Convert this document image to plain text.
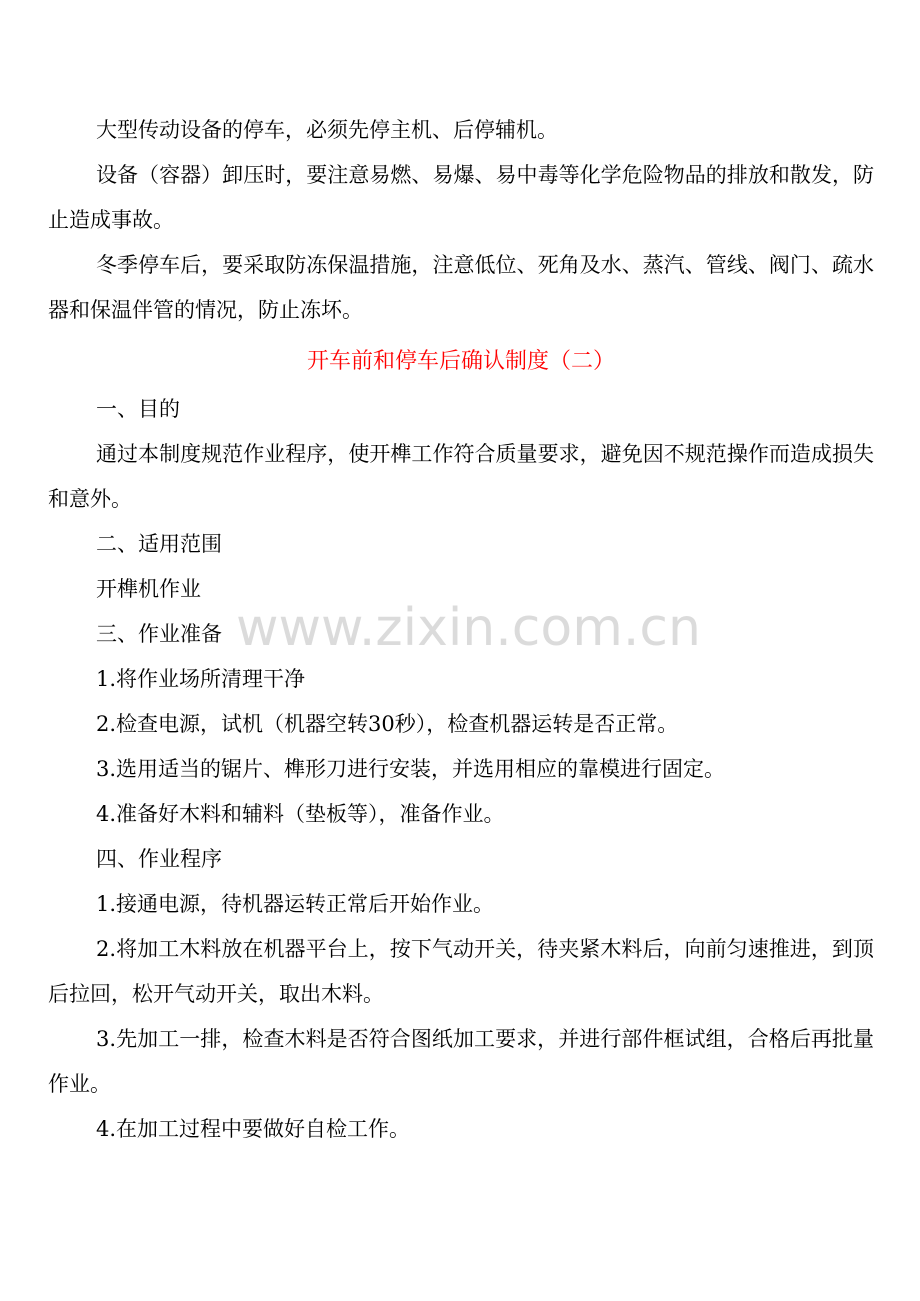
大型传动设备的停车，必须先停主机、后停辅机。

设备（容器）卸压时，要注意易燃、易爆、易中毒等化学危险物品的排放和散发，防止造成事故。

冬季停车后，要采取防冻保温措施，注意低位、死角及水、蒸汽、管线、阀门、疏水器和保温伴管的情况，防止冻坏。

开车前和停车后确认制度（二）

一、目的

通过本制度规范作业程序，使开榫工作符合质量要求，避免因不规范操作而造成损失和意外。

二、适用范围

开榫机作业

三、作业准备

1.将作业场所清理干净

2.检查电源，试机（机器空转30秒），检查机器运转是否正常。

3.选用适当的锯片、榫形刀进行安装，并选用相应的靠模进行固定。

4.准备好木料和辅料（垫板等），准备作业。

四、作业程序

1.接通电源，待机器运转正常后开始作业。

2.将加工木料放在机器平台上，按下气动开关，待夹紧木料后，向前匀速推进，到顶后拉回，松开气动开关，取出木料。

3.先加工一排，检查木料是否符合图纸加工要求，并进行部件框试组，合格后再批量作业。

4.在加工过程中要做好自检工作。

www.zixin.com.cn
